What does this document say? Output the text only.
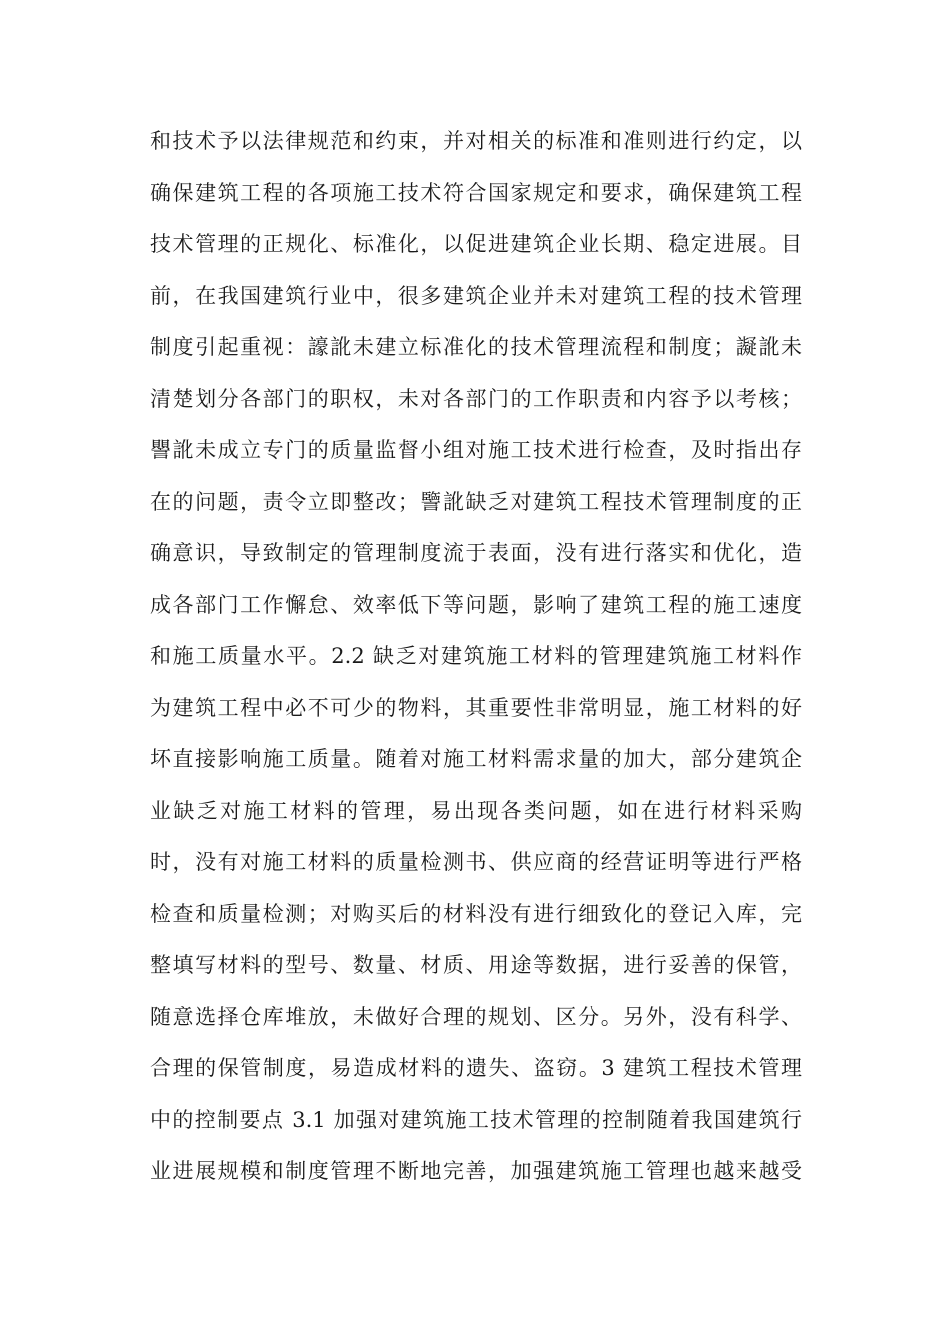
和技术予以法律规范和约束，并对相关的标准和准则进行约定，以
确保建筑工程的各项施工技术符合国家规定和要求，确保建筑工程
技术管理的正规化、标准化，以促进建筑企业长期、稳定进展。目
前，在我国建筑行业中，很多建筑企业并未对建筑工程的技术管理
制度引起重视：譹訛未建立标准化的技术管理流程和制度；譺訛未
清楚划分各部门的职权，未对各部门的工作职责和内容予以考核；
譻訛未成立专门的质量监督小组对施工技术进行检查，及时指出存
在的问题，责令立即整改；譼訛缺乏对建筑工程技术管理制度的正
确意识，导致制定的管理制度流于表面，没有进行落实和优化，造
成各部门工作懈怠、效率低下等问题，影响了建筑工程的施工速度
和施工质量水平。2.2 缺乏对建筑施工材料的管理建筑施工材料作
为建筑工程中必不可少的物料，其重要性非常明显，施工材料的好
坏直接影响施工质量。随着对施工材料需求量的加大，部分建筑企
业缺乏对施工材料的管理，易出现各类问题，如在进行材料采购
时，没有对施工材料的质量检测书、供应商的经营证明等进行严格
检查和质量检测；对购买后的材料没有进行细致化的登记入库，完
整填写材料的型号、数量、材质、用途等数据，进行妥善的保管，
随意选择仓库堆放，未做好合理的规划、区分。另外，没有科学、
合理的保管制度，易造成材料的遗失、盗窃。3 建筑工程技术管理
中的控制要点 3.1 加强对建筑施工技术管理的控制随着我国建筑行
业进展规模和制度管理不断地完善，加强建筑施工管理也越来越受
